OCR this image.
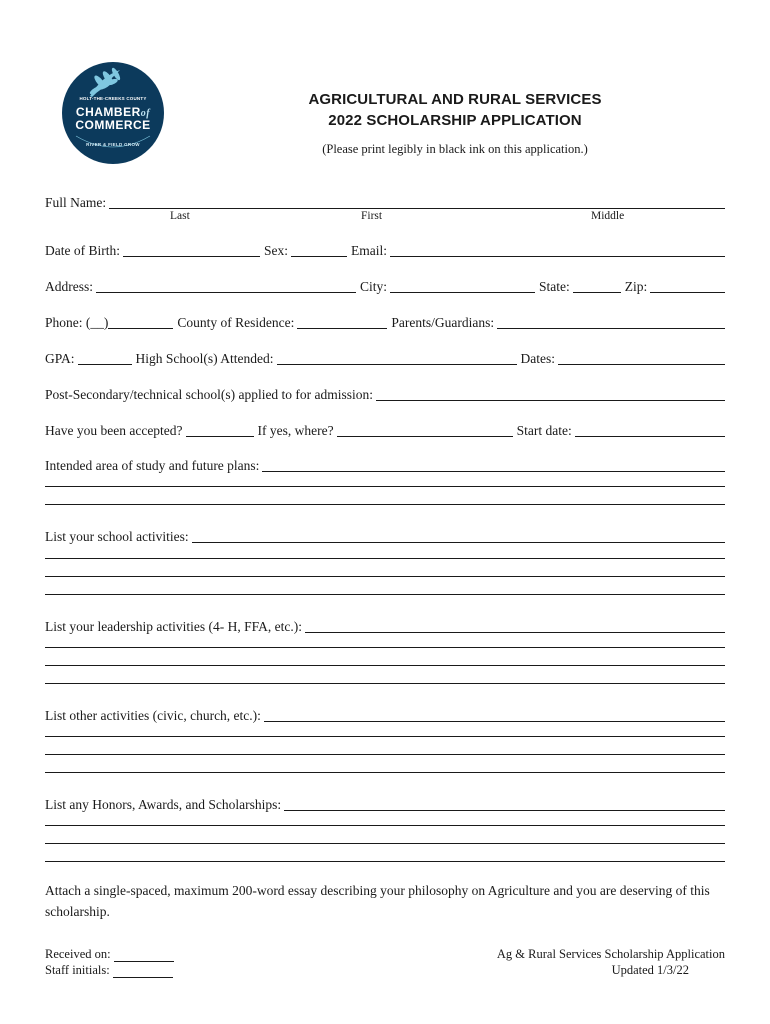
HOLT-THE-CREEKS COUNTY
CHAMBERof
COMMERCE
RIVER & FIELD GROW
AGRICULTURAL AND RURAL SERVICES
2022 SCHOLARSHIP APPLICATION
(Please print legibly in black ink on this application.)
Full Name:
Last	First	Middle
Date of Birth:	Sex:	Email:
Address:	City:	State:	Zip:
Phone: (__)	County of Residence:	Parents/Guardians:
GPA:	High School(s) Attended:	Dates:
Post-Secondary/technical school(s) applied to for admission:
Have you been accepted?	If yes, where?	Start date:
Intended area of study and future plans:
List your school activities:
List your leadership activities (4- H, FFA, etc.):
List other activities (civic, church, etc.):
List any Honors, Awards, and Scholarships:
Attach a single-spaced, maximum 200-word essay describing your philosophy on Agriculture and you are deserving of this scholarship.
Received on:
Staff initials:
Ag & Rural Services Scholarship Application
Updated 1/3/22
